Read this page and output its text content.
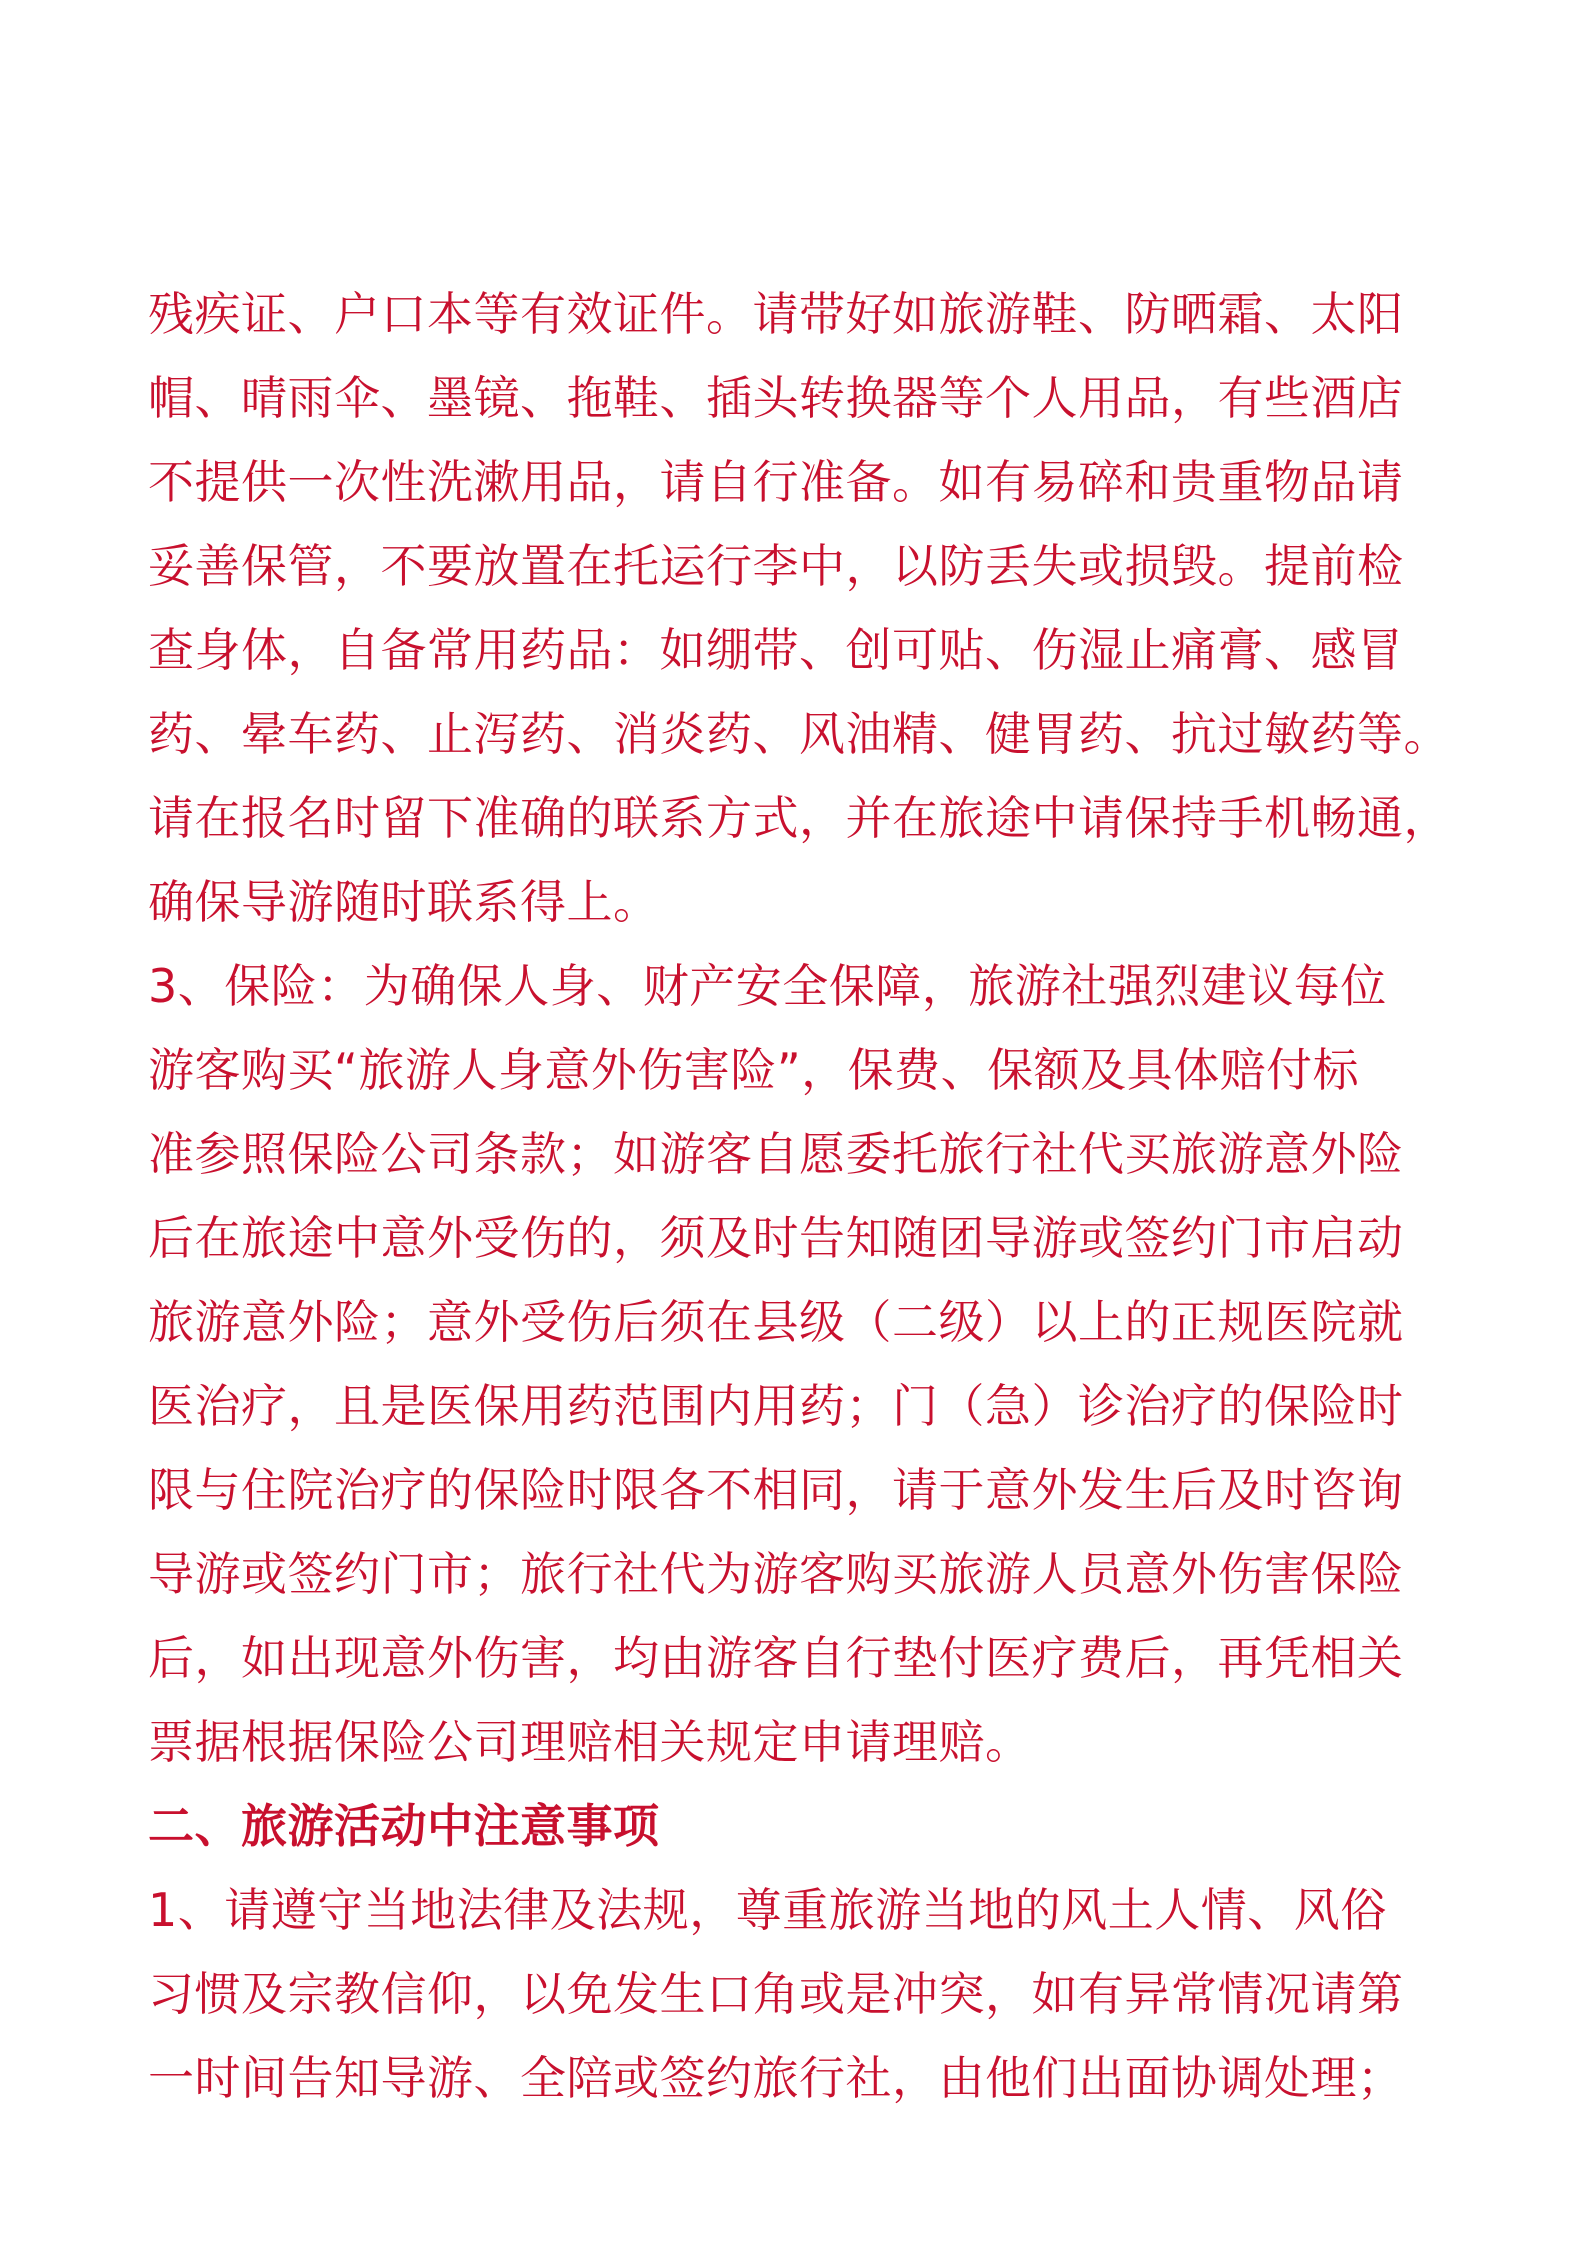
残疾证、户口本等有效证件。请带好如旅游鞋、防晒霜、太阳
帽、晴雨伞、墨镜、拖鞋、插头转换器等个人用品，有些酒店
不提供一次性洗漱用品，请自行准备。如有易碎和贵重物品请
妥善保管，不要放置在托运行李中，以防丢失或损毁。提前检
查身体，自备常用药品：如绷带、创可贴、伤湿止痛膏、感冒
药、晕车药、止泻药、消炎药、风油精、健胃药、抗过敏药等。
请在报名时留下准确的联系方式，并在旅途中请保持手机畅通，
确保导游随时联系得上。
3、保险：为确保人身、财产安全保障，旅游社强烈建议每位
游客购买“旅游人身意外伤害险”，保费、保额及具体赔付标
准参照保险公司条款；如游客自愿委托旅行社代买旅游意外险
后在旅途中意外受伤的，须及时告知随团导游或签约门市启动
旅游意外险；意外受伤后须在县级（二级）以上的正规医院就
医治疗，且是医保用药范围内用药；门（急）诊治疗的保险时
限与住院治疗的保险时限各不相同，请于意外发生后及时咨询
导游或签约门市；旅行社代为游客购买旅游人员意外伤害保险
后，如出现意外伤害，均由游客自行垫付医疗费后，再凭相关
票据根据保险公司理赔相关规定申请理赔。
二、旅游活动中注意事项
1、请遵守当地法律及法规，尊重旅游当地的风土人情、风俗
习惯及宗教信仰，以免发生口角或是冲突，如有异常情况请第
一时间告知导游、全陪或签约旅行社，由他们出面协调处理；
